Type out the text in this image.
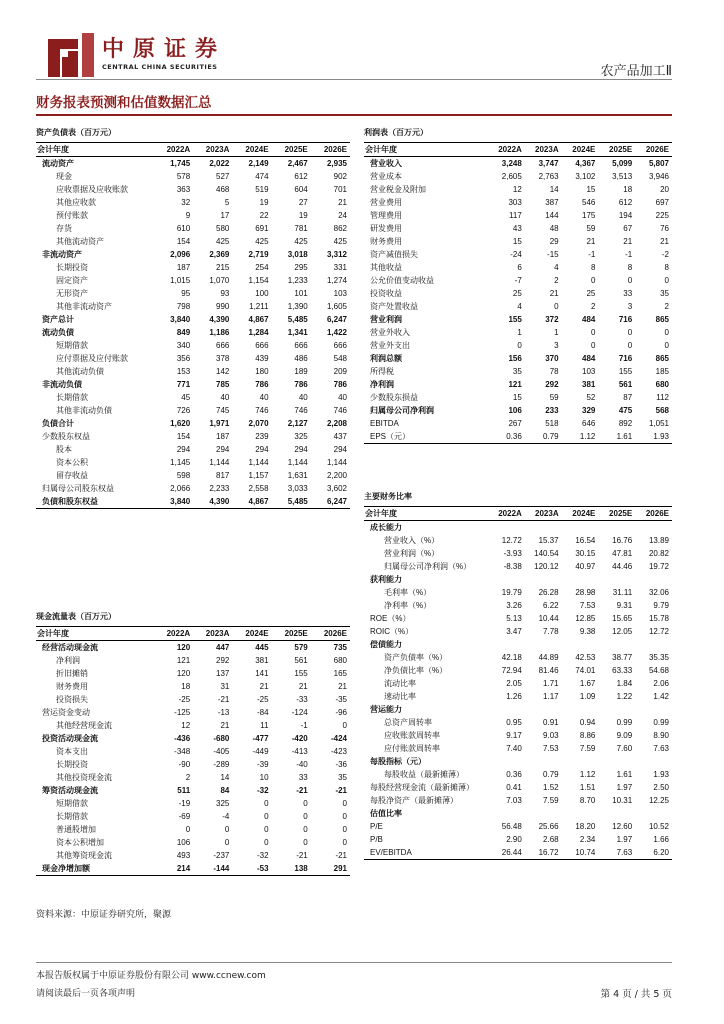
中原证券
CENTRAL CHINA SECURITIES	农产品加工Ⅱ
财务报表预测和估值数据汇总
资产负债表（百万元）
会计年度	2022A	2023A	2024E	2025E	2026E
流动资产	1,745	2,022	2,149	2,467	2,935
现金	578	527	474	612	902
应收票据及应收账款	363	468	519	604	701
其他应收款	32	5	19	27	21
预付账款	9	17	22	19	24
存货	610	580	691	781	862
其他流动资产	154	425	425	425	425
非流动资产	2,096	2,369	2,719	3,018	3,312
长期投资	187	215	254	295	331
固定资产	1,015	1,070	1,154	1,233	1,274
无形资产	95	93	100	101	103
其他非流动资产	798	990	1,211	1,390	1,605
资产总计	3,840	4,390	4,867	5,485	6,247
流动负债	849	1,186	1,284	1,341	1,422
短期借款	340	666	666	666	666
应付票据及应付账款	356	378	439	486	548
其他流动负债	153	142	180	189	209
非流动负债	771	785	786	786	786
长期借款	45	40	40	40	40
其他非流动负债	726	745	746	746	746
负债合计	1,620	1,971	2,070	2,127	2,208
少数股东权益	154	187	239	325	437
股本	294	294	294	294	294
资本公积	1,145	1,144	1,144	1,144	1,144
留存收益	598	817	1,157	1,631	2,200
归属母公司股东权益	2,066	2,233	2,558	3,033	3,602
负债和股东权益	3,840	4,390	4,867	5,485	6,247
现金流量表（百万元）
会计年度	2022A	2023A	2024E	2025E	2026E
经营活动现金流	120	447	445	579	735
净利润	121	292	381	561	680
折旧摊销	120	137	141	155	165
财务费用	18	31	21	21	21
投资损失	-25	-21	-25	-33	-35
营运资金变动	-125	-13	-84	-124	-96
其他经营现金流	12	21	11	-1	0
投资活动现金流	-436	-680	-477	-420	-424
资本支出	-348	-405	-449	-413	-423
长期投资	-90	-289	-39	-40	-36
其他投资现金流	2	14	10	33	35
筹资活动现金流	511	84	-32	-21	-21
短期借款	-19	325	0	0	0
长期借款	-69	-4	0	0	0
普通股增加	0	0	0	0	0
资本公积增加	106	0	0	0	0
其他筹资现金流	493	-237	-32	-21	-21
现金净增加额	214	-144	-53	138	291
利润表（百万元）
会计年度	2022A	2023A	2024E	2025E	2026E
营业收入	3,248	3,747	4,367	5,099	5,807
营业成本	2,605	2,763	3,102	3,513	3,946
营业税金及附加	12	14	15	18	20
营业费用	303	387	546	612	697
管理费用	117	144	175	194	225
研发费用	43	48	59	67	76
财务费用	15	29	21	21	21
资产减值损失	-24	-15	-1	-1	-2
其他收益	6	4	8	8	8
公允价值变动收益	-7	2	0	0	0
投资收益	25	21	25	33	35
资产处置收益	4	0	2	3	2
营业利润	155	372	484	716	865
营业外收入	1	1	0	0	0
营业外支出	0	3	0	0	0
利润总额	156	370	484	716	865
所得税	35	78	103	155	185
净利润	121	292	381	561	680
少数股东损益	15	59	52	87	112
归属母公司净利润	106	233	329	475	568
EBITDA	267	518	646	892	1,051
EPS（元）	0.36	0.79	1.12	1.61	1.93
主要财务比率
会计年度	2022A	2023A	2024E	2025E	2026E
成长能力					
营业收入（%）	12.72	15.37	16.54	16.76	13.89
营业利润（%）	-3.93	140.54	30.15	47.81	20.82
归属母公司净利润（%）	-8.38	120.12	40.97	44.46	19.72
获利能力					
毛利率（%）	19.79	26.28	28.98	31.11	32.06
净利率（%）	3.26	6.22	7.53	9.31	9.79
ROE（%）	5.13	10.44	12.85	15.65	15.78
ROIC（%）	3.47	7.78	9.38	12.05	12.72
偿债能力					
资产负债率（%）	42.18	44.89	42.53	38.77	35.35
净负债比率（%）	72.94	81.46	74.01	63.33	54.68
流动比率	2.05	1.71	1.67	1.84	2.06
速动比率	1.26	1.17	1.09	1.22	1.42
营运能力					
总资产周转率	0.95	0.91	0.94	0.99	0.99
应收账款周转率	9.17	9.03	8.86	9.09	8.90
应付账款周转率	7.40	7.53	7.59	7.60	7.63
每股指标（元）					
每股收益（最新摊薄）	0.36	0.79	1.12	1.61	1.93
每股经营现金流（最新摊薄）	0.41	1.52	1.51	1.97	2.50
每股净资产（最新摊薄）	7.03	7.59	8.70	10.31	12.25
估值比率					
P/E	56.48	25.66	18.20	12.60	10.52
P/B	2.90	2.68	2.34	1.97	1.66
EV/EBITDA	26.44	16.72	10.74	7.63	6.20
资料来源：中原证券研究所，聚源
本报告版权属于中原证券股份有限公司 www.ccnew.com
请阅读最后一页各项声明	第 4 页 / 共 5 页
